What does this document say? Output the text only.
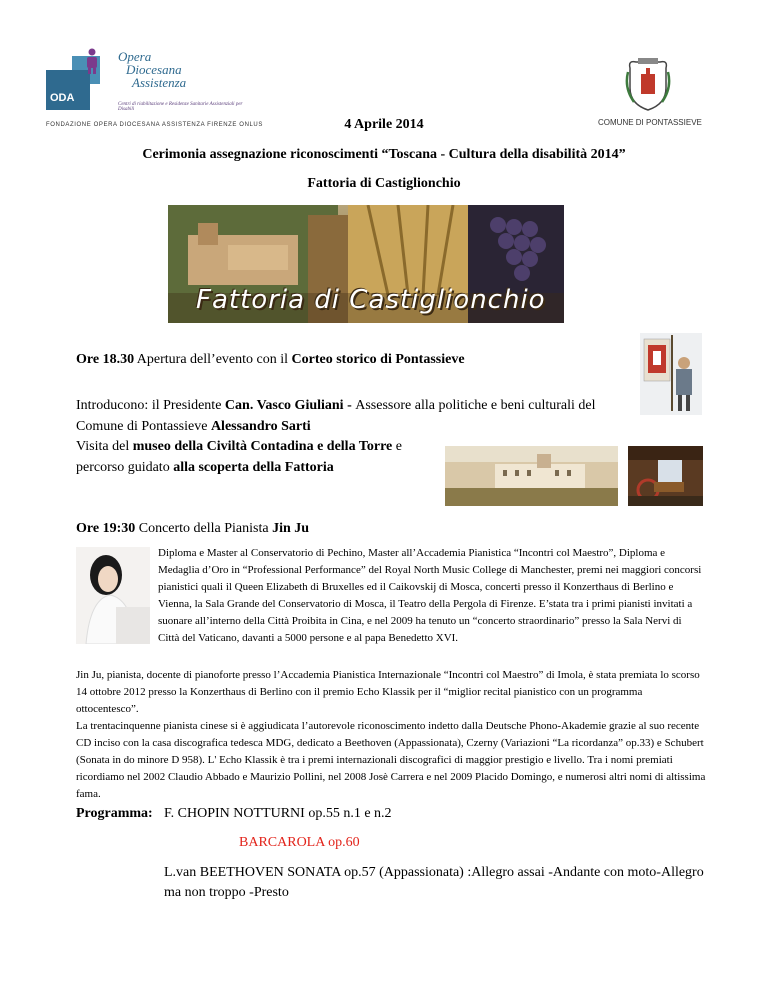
ODA
Opera
Diocesana
Assistenza
Centri di riabilitazione e Residenze Sanitarie Assistenziali per Disabili
FONDAZIONE OPERA DIOCESANA ASSISTENZA FIRENZE ONLUS	COMUNE DI PONTASSIEVE
4 Aprile 2014
Cerimonia assegnazione riconoscimenti “Toscana - Cultura della disabilità 2014”
Fattoria di Castiglionchio
Fattoria di Castiglionchio
Ore 18.30 Apertura dell’evento con il Corteo storico di Pontassieve
Introducono: il Presidente Can. Vasco Giuliani - Assessore alla politiche e beni culturali del Comune di Pontassieve Alessandro Sarti
Visita del museo della Civiltà Contadina e della Torre e percorso guidato alla scoperta della Fattoria
Ore 19:30 Concerto della Pianista Jin Ju
Diploma e Master al Conservatorio di Pechino, Master all’Accademia Pianistica “Incontri col Maestro”, Diploma e Medaglia d’Oro in “Professional Performance” del Royal North Music College di Manchester, premi nei maggiori concorsi pianistici quali il Queen Elizabeth di Bruxelles ed il Caikovskij di Mosca, concerti presso il Konzerthaus di Berlino e Vienna, la Sala Grande del Conservatorio di Mosca, il Teatro della Pergola di Firenze. E’stata tra i primi pianisti invitati a suonare all’interno della Città Proibita in Cina, e nel 2009 ha tenuto un “concerto straordinario” presso la Sala Nervi di Città del Vaticano, davanti a 5000 persone e al papa Benedetto XVI.
Jin Ju, pianista, docente di pianoforte presso l’Accademia Pianistica Internazionale “Incontri col Maestro” di Imola, è stata premiata lo scorso 14 ottobre 2012 presso la Konzerthaus di Berlino con il premio Echo Klassik per il “miglior recital pianistico con un programma ottocentesco”.
La trentacinquenne pianista cinese si è aggiudicata l’autorevole riconoscimento indetto dalla Deutsche Phono-Akademie grazie al suo recente CD inciso con la casa discografica tedesca MDG, dedicato a Beethoven (Appassionata), Czerny (Variazioni “La ricordanza” op.33) e Schubert (Sonata in do minore D 958). L' Echo Klassik è tra i premi internazionali discografici di maggior prestigio e livello. Tra i nomi premiati ricordiamo nel 2002 Claudio Abbado e Maurizio Pollini, nel 2008 Josè Carrera e nel 2009 Placido Domingo, e numerosi altri nomi di altissima fama.
Programma: F. CHOPIN NOTTURNI op.55 n.1 e n.2
BARCAROLA op.60
L.van BEETHOVEN SONATA op.57 (Appassionata) :Allegro assai -Andante con moto-Allegro ma non troppo -Presto
